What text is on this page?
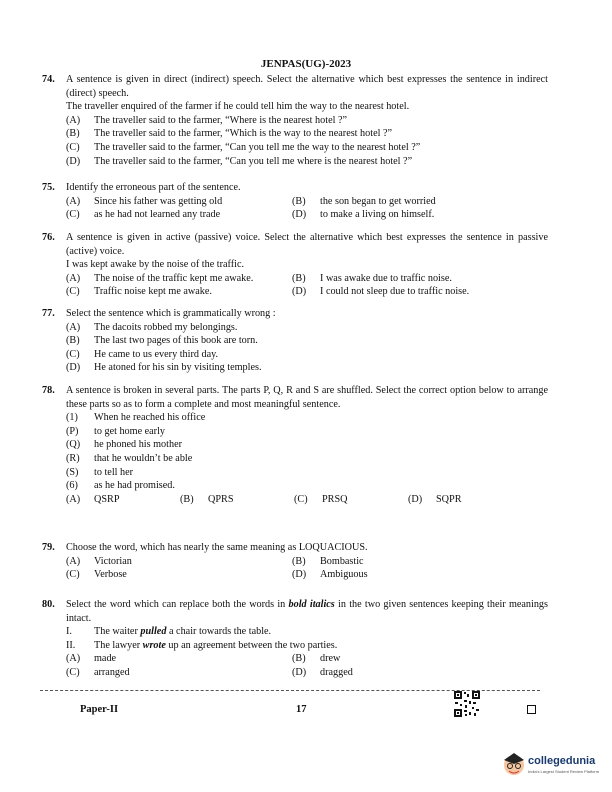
JENPAS(UG)-2023
74. A sentence is given in direct (indirect) speech. Select the alternative which best expresses the sentence in indirect (direct) speech.
The traveller enquired of the farmer if he could tell him the way to the nearest hotel.
(A) The traveller said to the farmer, “Where is the nearest hotel ?”
(B) The traveller said to the farmer, “Which is the way to the nearest hotel ?”
(C) The traveller said to the farmer, “Can you tell me the way to the nearest hotel ?”
(D) The traveller said to the farmer, “Can you tell me where is the nearest hotel ?”
75. Identify the erroneous part of the sentence.
(A) Since his father was getting old	(B) the son began to get worried
(C) as he had not learned any trade	(D) to make a living on himself.
76. A sentence is given in active (passive) voice. Select the alternative which best expresses the sentence in passive (active) voice.
I was kept awake by the noise of the traffic.
(A) The noise of the traffic kept me awake.	(B) I was awake due to traffic noise.
(C) Traffic noise kept me awake.	(D) I could not sleep due to traffic noise.
77. Select the sentence which is grammatically wrong :
(A) The dacoits robbed my belongings.
(B) The last two pages of this book are torn.
(C) He came to us every third day.
(D) He atoned for his sin by visiting temples.
78. A sentence is broken in several parts. The parts P, Q, R and S are shuffled. Select the correct option below to arrange these parts so as to form a complete and most meaningful sentence.
(1) When he reached his office
(P) to get home early
(Q) he phoned his mother
(R) that he wouldn’t be able
(S) to tell her
(6) as he had promised.
(A) QSRP	(B) QPRS	(C) PRSQ	(D) SQPR
79. Choose the word, which has nearly the same meaning as LOQUACIOUS.
(A) Victorian	(B) Bombastic
(C) Verbose	(D) Ambiguous
80. Select the word which can replace both the words in bold italics in the two given sentences keeping their meanings intact.
I. The waiter pulled a chair towards the table.
II. The lawyer wrote up an agreement between the two parties.
(A) made	(B) drew
(C) arranged	(D) dragged
Paper-II	17
collegedunia
India's Largest Student Review Platform
